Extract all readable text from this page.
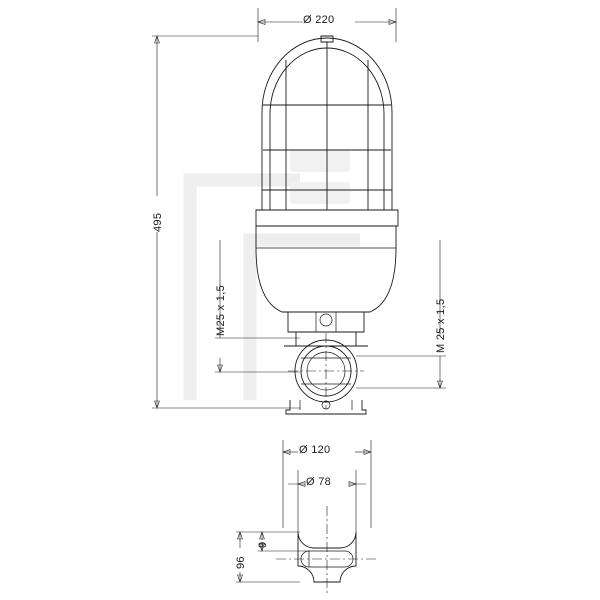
Ø 220
495
M25 x 1,5	M 25 x 1,5
Ø 120
Ø 78
96
9
